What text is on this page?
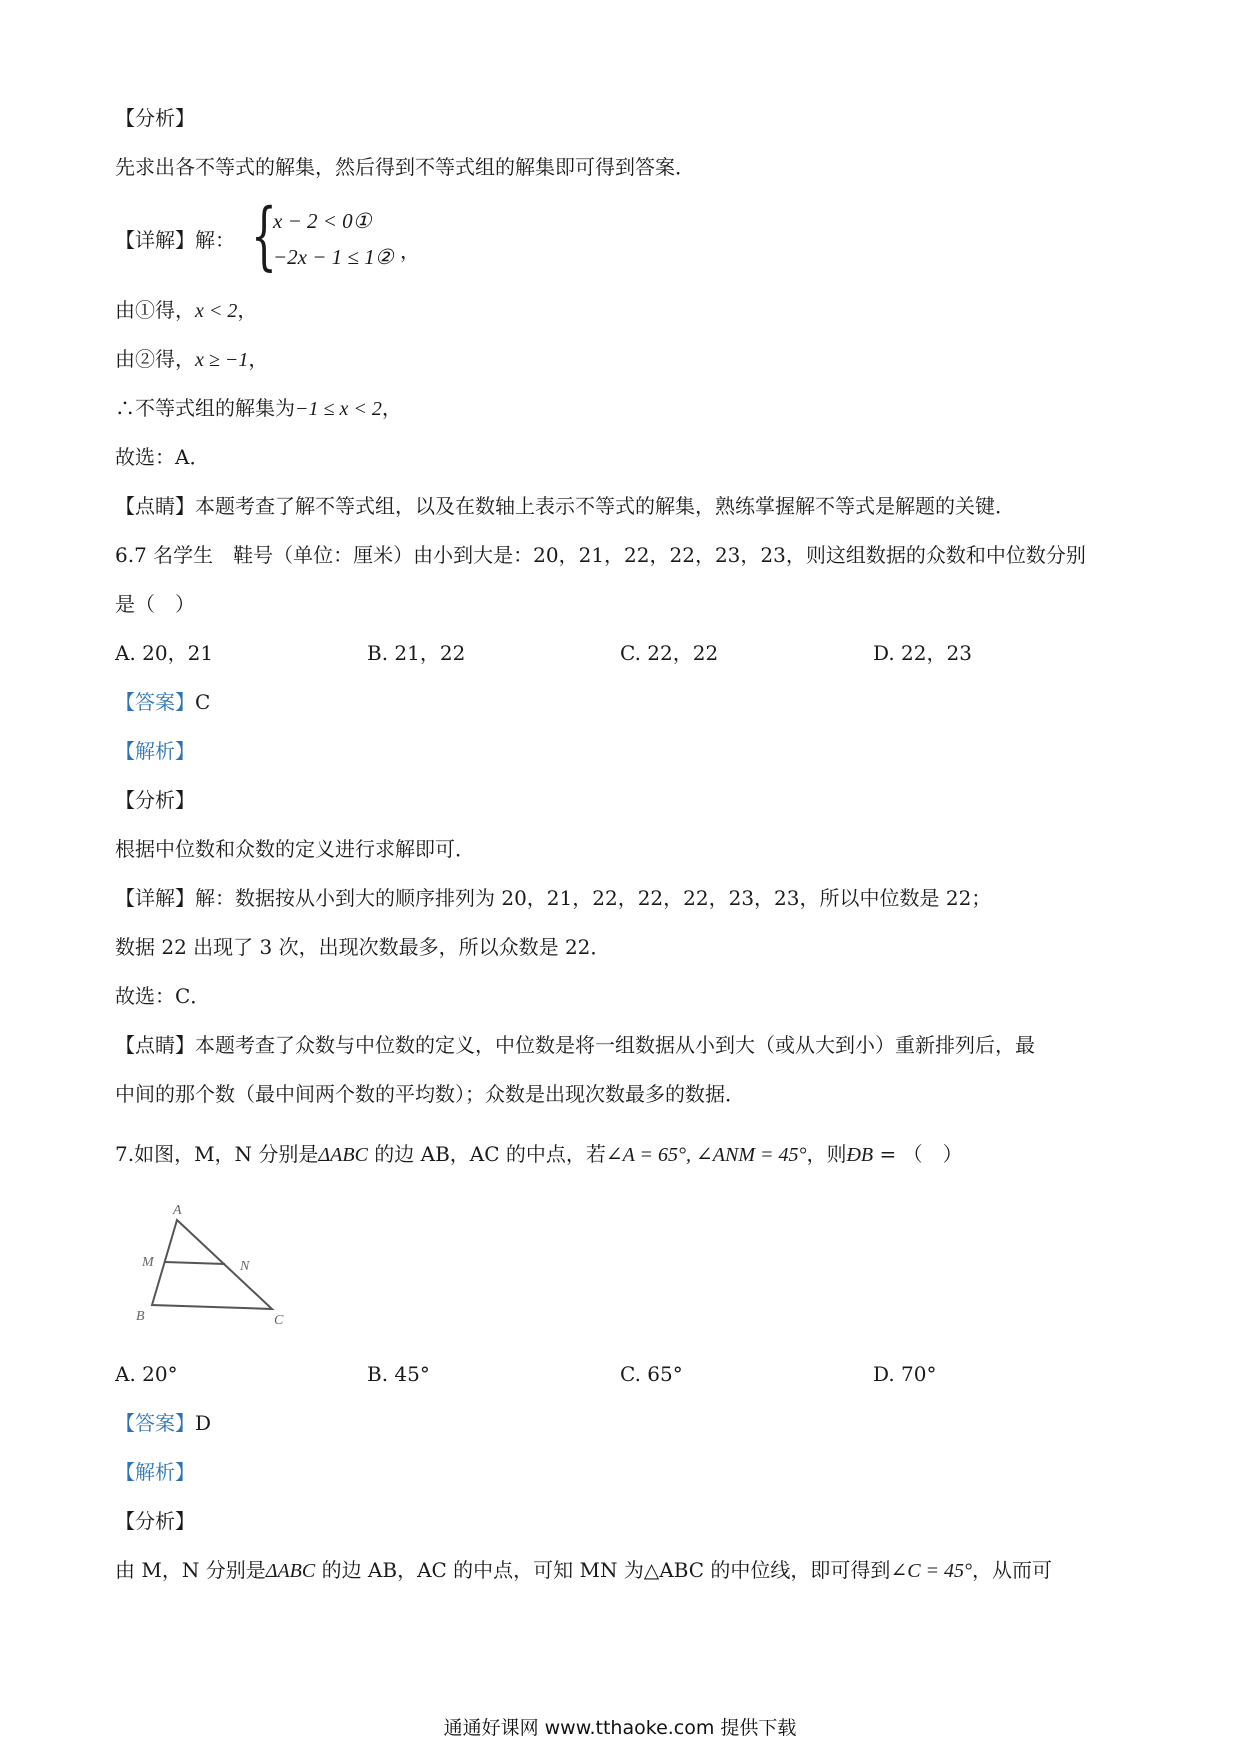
【分析】
先求出各不等式的解集，然后得到不等式组的解集即可得到答案．
【详解】解： {
x − 2 < 0①
−2x − 1 ≤ 1② ，
由①得，x < 2，
由②得，x ≥ −1，
∴不等式组的解集为−1 ≤ x < 2，
故选：A．
【点睛】本题考查了解不等式组，以及在数轴上表示不等式的解集，熟练掌握解不等式是解题的关键．
6.7 名学生　鞋号（单位：厘米）由小到大是：20，21，22，22，23，23，则这组数据的众数和中位数分别
是（　）
A. 20，21	B. 21，22	C. 22，22	D. 22，23
【答案】C
【解析】
【分析】
根据中位数和众数的定义进行求解即可．
【详解】解：数据按从小到大的顺序排列为 20，21，22，22，22，23，23，所以中位数是 22；
数据 22 出现了 3 次，出现次数最多，所以众数是 22．
故选：C．
【点睛】本题考查了众数与中位数的定义，中位数是将一组数据从小到大（或从大到小）重新排列后，最
中间的那个数（最中间两个数的平均数）；众数是出现次数最多的数据．
7.如图，M，N 分别是ΔABC 的边 AB，AC 的中点，若∠A = 65°, ∠ANM = 45°，则ÐB = （　）
A
M	N
B	C
A. 20°	B. 45°	C. 65°	D. 70°
【答案】D
【解析】
【分析】
由 M，N 分别是ΔABC 的边 AB，AC 的中点，可知 MN 为△ABC 的中位线，即可得到∠C = 45°，从而可
通通好课网 www.tthaoke.com 提供下载
